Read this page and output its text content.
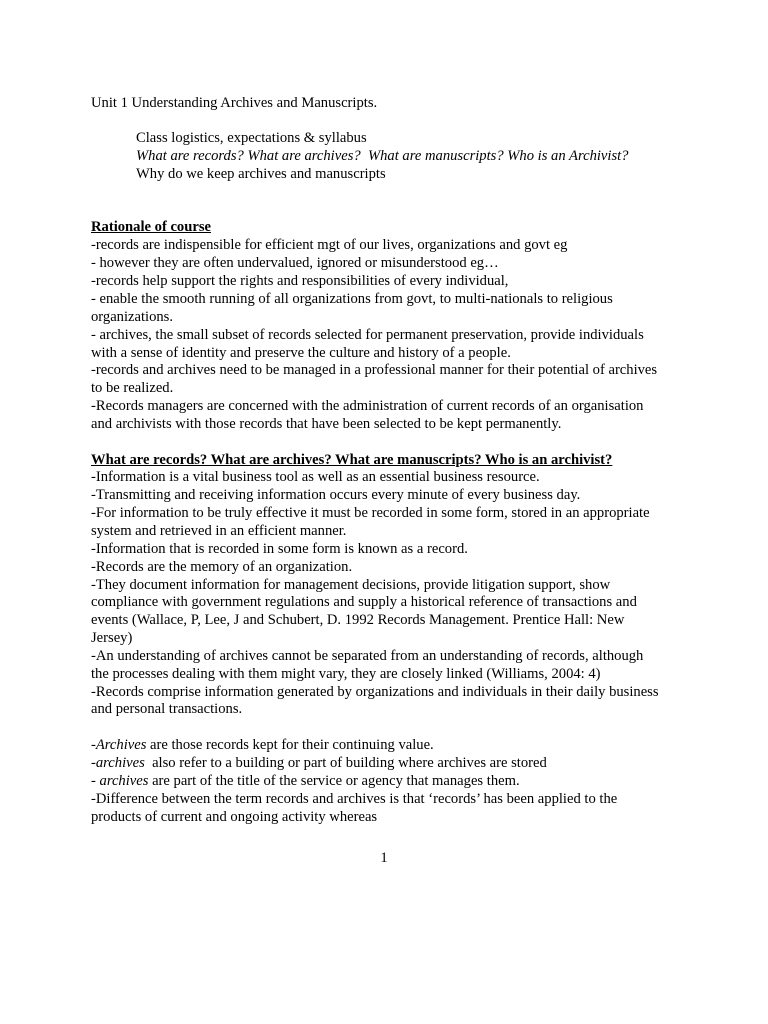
Unit 1 Understanding Archives and Manuscripts.
Class logistics, expectations & syllabus
What are records? What are archives?  What are manuscripts? Who is an Archivist?
Why do we keep archives and manuscripts
Rationale of course
-records are indispensible for efficient mgt of our lives, organizations and govt eg
- however they are often undervalued, ignored or misunderstood eg…
-records help support the rights and responsibilities of every individual,
- enable the smooth running of all organizations from govt, to multi-nationals to religious
organizations.
- archives, the small subset of records selected for permanent preservation, provide individuals
with a sense of identity and preserve the culture and history of a people.
-records and archives need to be managed in a professional manner for their potential of archives
to be realized.
-Records managers are concerned with the administration of current records of an organisation
and archivists with those records that have been selected to be kept permanently.
What are records? What are archives? What are manuscripts? Who is an archivist?
-Information is a vital business tool as well as an essential business resource.
-Transmitting and receiving information occurs every minute of every business day.
-For information to be truly effective it must be recorded in some form, stored in an appropriate
system and retrieved in an efficient manner.
-Information that is recorded in some form is known as a record.
-Records are the memory of an organization.
-They document information for management decisions, provide litigation support, show
compliance with government regulations and supply a historical reference of transactions and
events (Wallace, P, Lee, J and Schubert, D. 1992 Records Management. Prentice Hall: New
Jersey)
-An understanding of archives cannot be separated from an understanding of records, although
the processes dealing with them might vary, they are closely linked (Williams, 2004: 4)
-Records comprise information generated by organizations and individuals in their daily business
and personal transactions.
-Archives are those records kept for their continuing value.
-archives  also refer to a building or part of building where archives are stored
- archives are part of the title of the service or agency that manages them.
-Difference between the term records and archives is that ‘records’ has been applied to the
products of current and ongoing activity whereas
1
